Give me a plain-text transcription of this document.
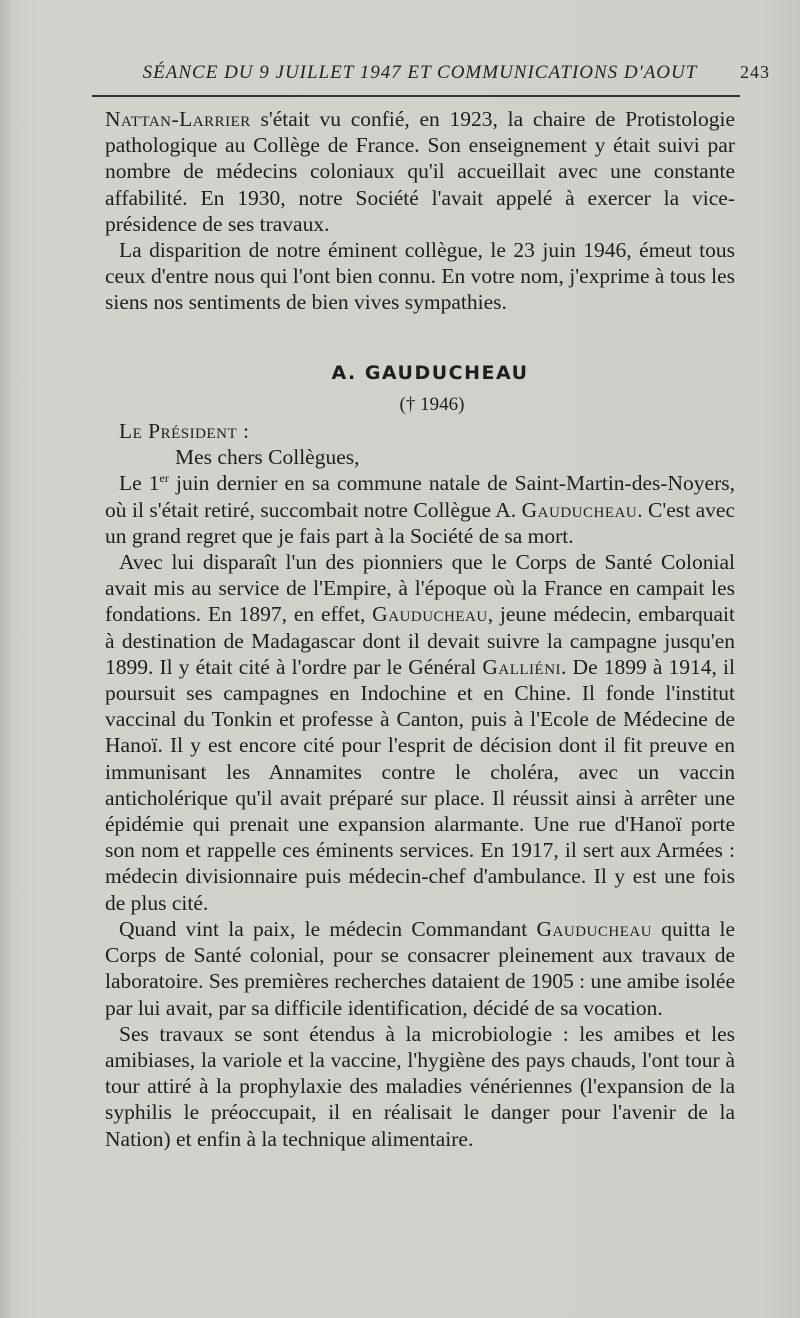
SÉANCE DU 9 JUILLET 1947 ET COMMUNICATIONS D'AOUT 243

Nattan-Larrier s'était vu confié, en 1923, la chaire de Protistologie pathologique au Collège de France. Son enseignement y était suivi par nombre de médecins coloniaux qu'il accueillait avec une constante affabilité. En 1930, notre Société l'avait appelé à exercer la vice-présidence de ses travaux.

La disparition de notre éminent collègue, le 23 juin 1946, émeut tous ceux d'entre nous qui l'ont bien connu. En votre nom, j'exprime à tous les siens nos sentiments de bien vives sympathies.

A. GAUDUCHEAU
(† 1946)

Le Président :

Mes chers Collègues,

Le 1er juin dernier en sa commune natale de Saint-Martin-des-Noyers, où il s'était retiré, succombait notre Collègue A. Gauducheau. C'est avec un grand regret que je fais part à la Société de sa mort.

Avec lui disparaît l'un des pionniers que le Corps de Santé Colonial avait mis au service de l'Empire, à l'époque où la France en campait les fondations. En 1897, en effet, Gauducheau, jeune médecin, embarquait à destination de Madagascar dont il devait suivre la campagne jusqu'en 1899. Il y était cité à l'ordre par le Général Galliéni. De 1899 à 1914, il poursuit ses campagnes en Indochine et en Chine. Il fonde l'institut vaccinal du Tonkin et professe à Canton, puis à l'Ecole de Médecine de Hanoï. Il y est encore cité pour l'esprit de décision dont il fit preuve en immunisant les Annamites contre le choléra, avec un vaccin anticholérique qu'il avait préparé sur place. Il réussit ainsi à arrêter une épidémie qui prenait une expansion alarmante. Une rue d'Hanoï porte son nom et rappelle ces éminents services. En 1917, il sert aux Armées : médecin divisionnaire puis médecin-chef d'ambulance. Il y est une fois de plus cité.

Quand vint la paix, le médecin Commandant Gauducheau quitta le Corps de Santé colonial, pour se consacrer pleinement aux travaux de laboratoire. Ses premières recherches dataient de 1905 : une amibe isolée par lui avait, par sa difficile identification, décidé de sa vocation.

Ses travaux se sont étendus à la microbiologie : les amibes et les amibiases, la variole et la vaccine, l'hygiène des pays chauds, l'ont tour à tour attiré à la prophylaxie des maladies vénériennes (l'expansion de la syphilis le préoccupait, il en réalisait le danger pour l'avenir de la Nation) et enfin à la technique alimentaire.
